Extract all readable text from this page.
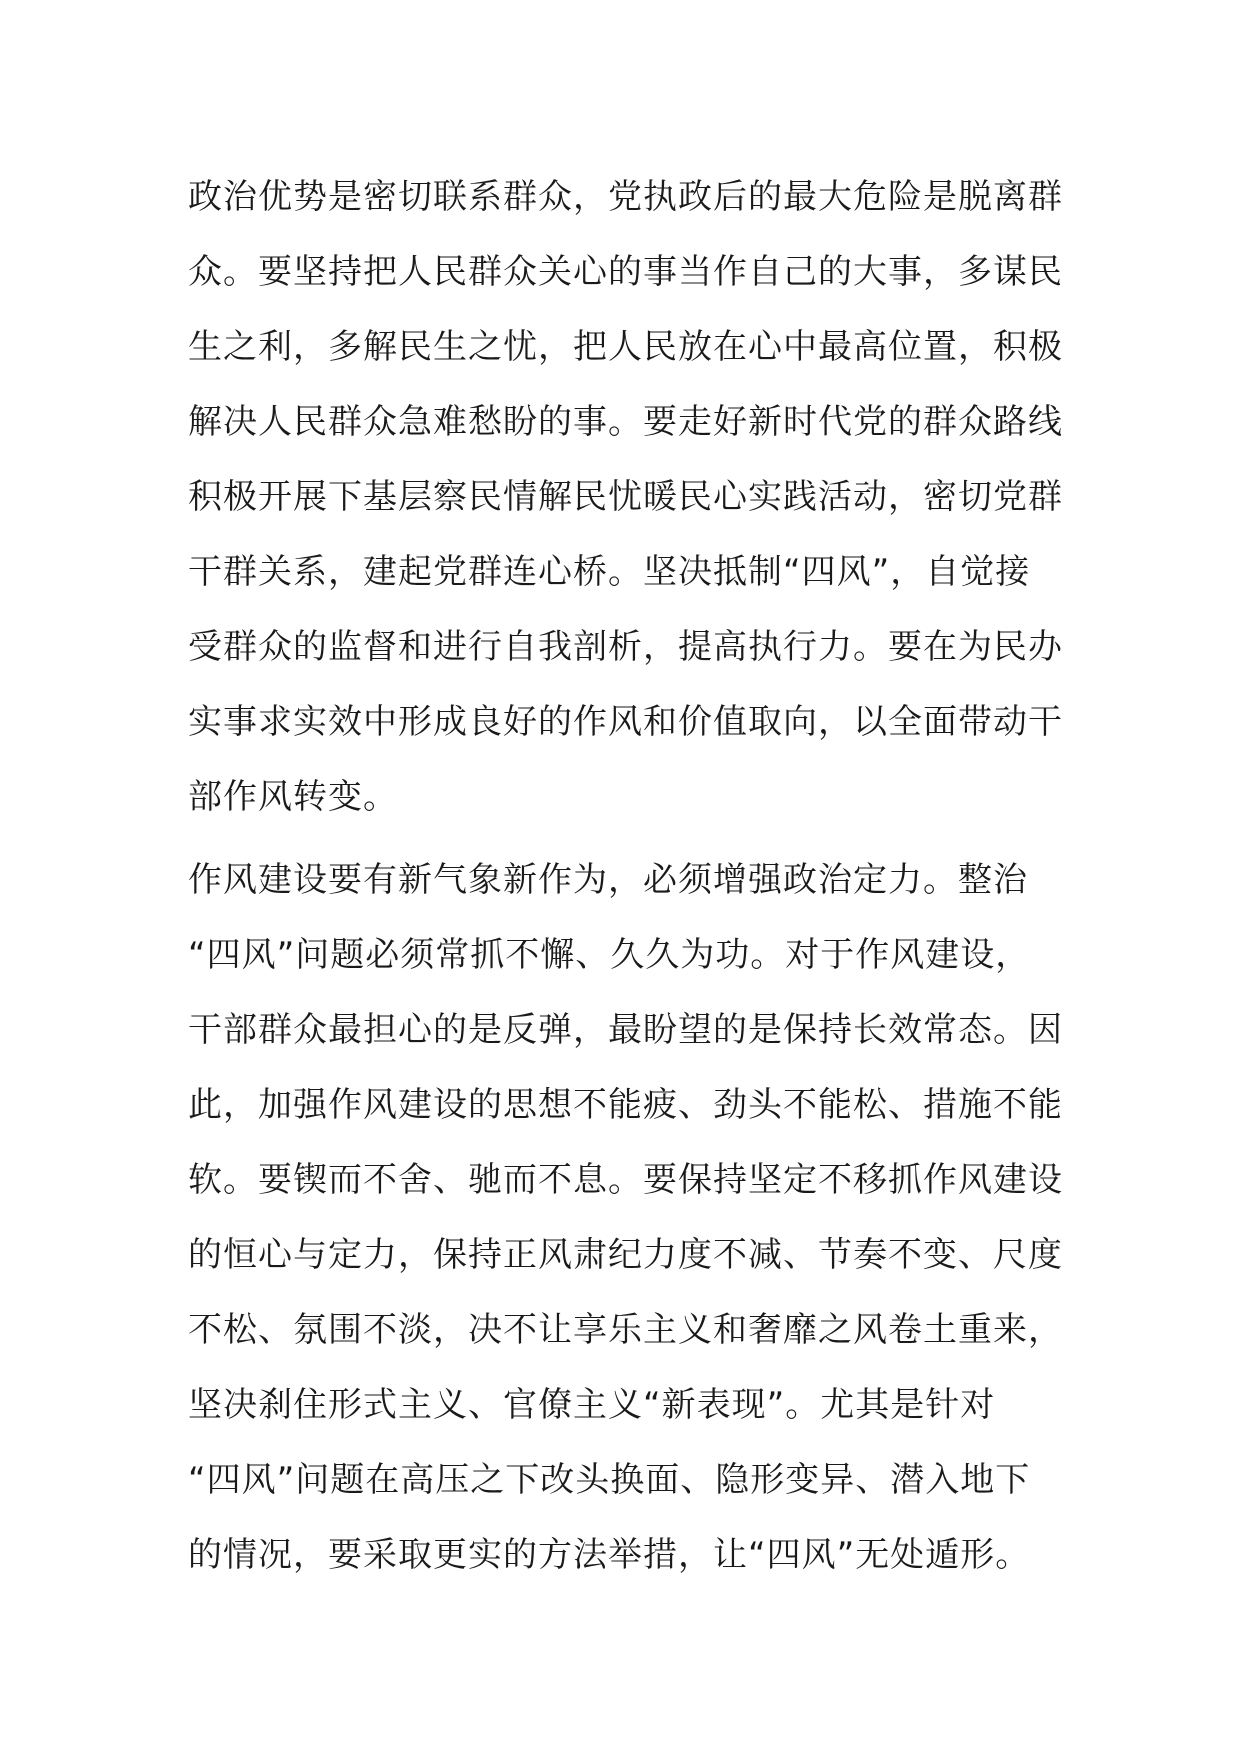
政治优势是密切联系群众，党执政后的最大危险是脱离群
众。要坚持把人民群众关心的事当作自己的大事，多谋民
生之利，多解民生之忧，把人民放在心中最高位置，积极
解决人民群众急难愁盼的事。要走好新时代党的群众路线
积极开展下基层察民情解民忧暖民心实践活动，密切党群
干群关系，建起党群连心桥。坚决抵制“四风”，自觉接
受群众的监督和进行自我剖析，提高执行力。要在为民办
实事求实效中形成良好的作风和价值取向，以全面带动干
部作风转变。
作风建设要有新气象新作为，必须增强政治定力。整治
“四风”问题必须常抓不懈、久久为功。对于作风建设，
干部群众最担心的是反弹，最盼望的是保持长效常态。因
此，加强作风建设的思想不能疲、劲头不能松、措施不能
软。要锲而不舍、驰而不息。要保持坚定不移抓作风建设
的恒心与定力，保持正风肃纪力度不减、节奏不变、尺度
不松、氛围不淡，决不让享乐主义和奢靡之风卷土重来，
坚决刹住形式主义、官僚主义“新表现”。尤其是针对
“四风”问题在高压之下改头换面、隐形变异、潜入地下
的情况，要采取更实的方法举措，让“四风”无处遁形。
